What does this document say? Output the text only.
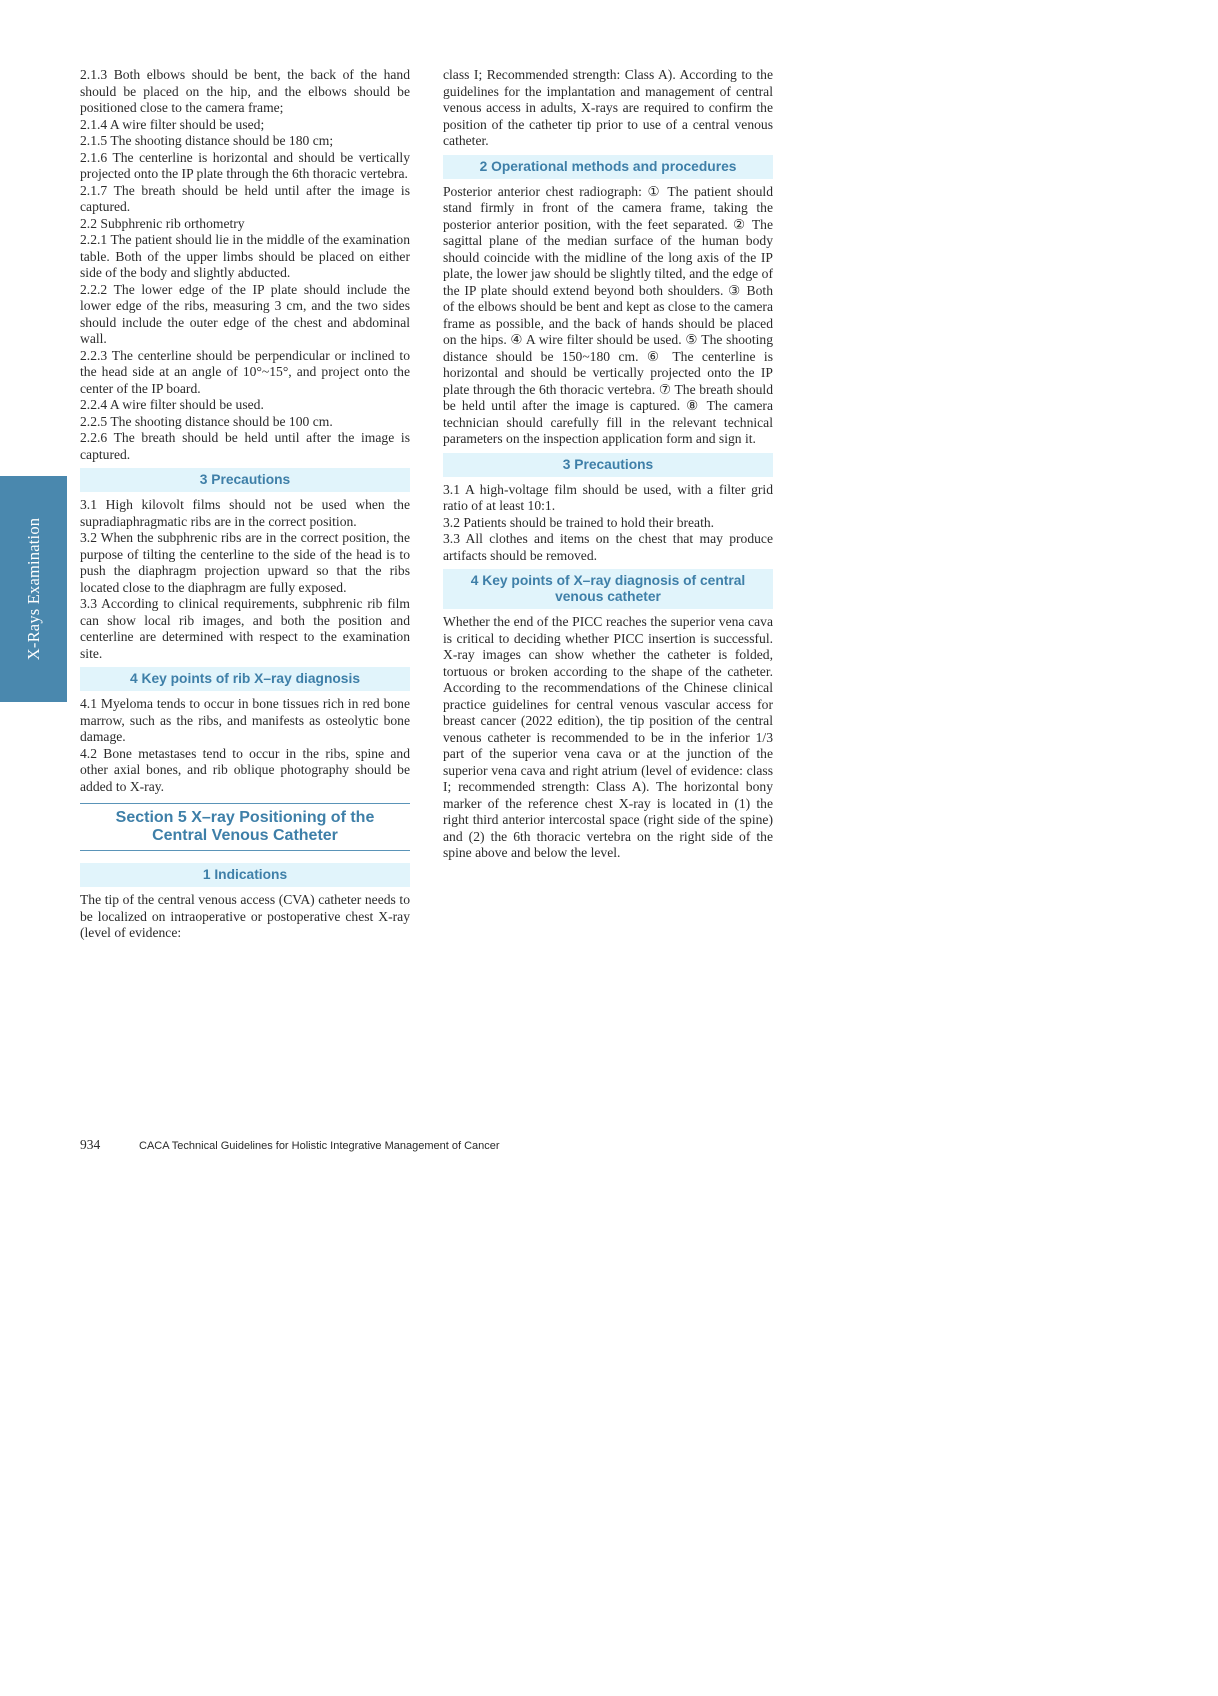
X-Rays Examination

2.1.3 Both elbows should be bent, the back of the hand should be placed on the hip, and the elbows should be positioned close to the camera frame;

2.1.4 A wire filter should be used;

2.1.5 The shooting distance should be 180 cm;

2.1.6 The centerline is horizontal and should be vertically projected onto the IP plate through the 6th thoracic vertebra.

2.1.7 The breath should be held until after the image is captured.

2.2 Subphrenic rib orthometry

2.2.1 The patient should lie in the middle of the examination table. Both of the upper limbs should be placed on either side of the body and slightly abducted.

2.2.2 The lower edge of the IP plate should include the lower edge of the ribs, measuring 3 cm, and the two sides should include the outer edge of the chest and abdominal wall.

2.2.3 The centerline should be perpendicular or inclined to the head side at an angle of 10°~15°, and project onto the center of the IP board.

2.2.4 A wire filter should be used.

2.2.5 The shooting distance should be 100 cm.

2.2.6 The breath should be held until after the image is captured.

3 Precautions

3.1 High kilovolt films should not be used when the supradiaphragmatic ribs are in the correct position.

3.2 When the subphrenic ribs are in the correct position, the purpose of tilting the centerline to the side of the head is to push the diaphragm projection upward so that the ribs located close to the diaphragm are fully exposed.

3.3 According to clinical requirements, subphrenic rib film can show local rib images, and both the position and centerline are determined with respect to the examination site.

4 Key points of rib X–ray diagnosis

4.1 Myeloma tends to occur in bone tissues rich in red bone marrow, such as the ribs, and manifests as osteolytic bone damage.

4.2 Bone metastases tend to occur in the ribs, spine and other axial bones, and rib oblique photography should be added to X-ray.

Section 5 X–ray Positioning of the Central Venous Catheter
1 Indications

The tip of the central venous access (CVA) catheter needs to be localized on intraoperative or postoperative chest X-ray (level of evidence:

class I; Recommended strength: Class A). According to the guidelines for the implantation and management of central venous access in adults, X-rays are required to confirm the position of the catheter tip prior to use of a central venous catheter.

2 Operational methods and procedures

Posterior anterior chest radiograph: ① The patient should stand firmly in front of the camera frame, taking the posterior anterior position, with the feet separated. ② The sagittal plane of the median surface of the human body should coincide with the midline of the long axis of the IP plate, the lower jaw should be slightly tilted, and the edge of the IP plate should extend beyond both shoulders. ③ Both of the elbows should be bent and kept as close to the camera frame as possible, and the back of hands should be placed on the hips. ④ A wire filter should be used. ⑤ The shooting distance should be 150~180 cm. ⑥ The centerline is horizontal and should be vertically projected onto the IP plate through the 6th thoracic vertebra. ⑦ The breath should be held until after the image is captured. ⑧ The camera technician should carefully fill in the relevant technical parameters on the inspection application form and sign it.

3 Precautions

3.1 A high-voltage film should be used, with a filter grid ratio of at least 10:1.

3.2 Patients should be trained to hold their breath.

3.3 All clothes and items on the chest that may produce artifacts should be removed.

4 Key points of X–ray diagnosis of central venous catheter

Whether the end of the PICC reaches the superior vena cava is critical to deciding whether PICC insertion is successful. X-ray images can show whether the catheter is folded, tortuous or broken according to the shape of the catheter. According to the recommendations of the Chinese clinical practice guidelines for central venous vascular access for breast cancer (2022 edition), the tip position of the central venous catheter is recommended to be in the inferior 1/3 part of the superior vena cava or at the junction of the superior vena cava and right atrium (level of evidence: class I; recommended strength: Class A). The horizontal bony marker of the reference chest X-ray is located in (1) the right third anterior intercostal space (right side of the spine) and (2) the 6th thoracic vertebra on the right side of the spine above and below the level.

934	CACA Technical Guidelines for Holistic Integrative Management of Cancer
